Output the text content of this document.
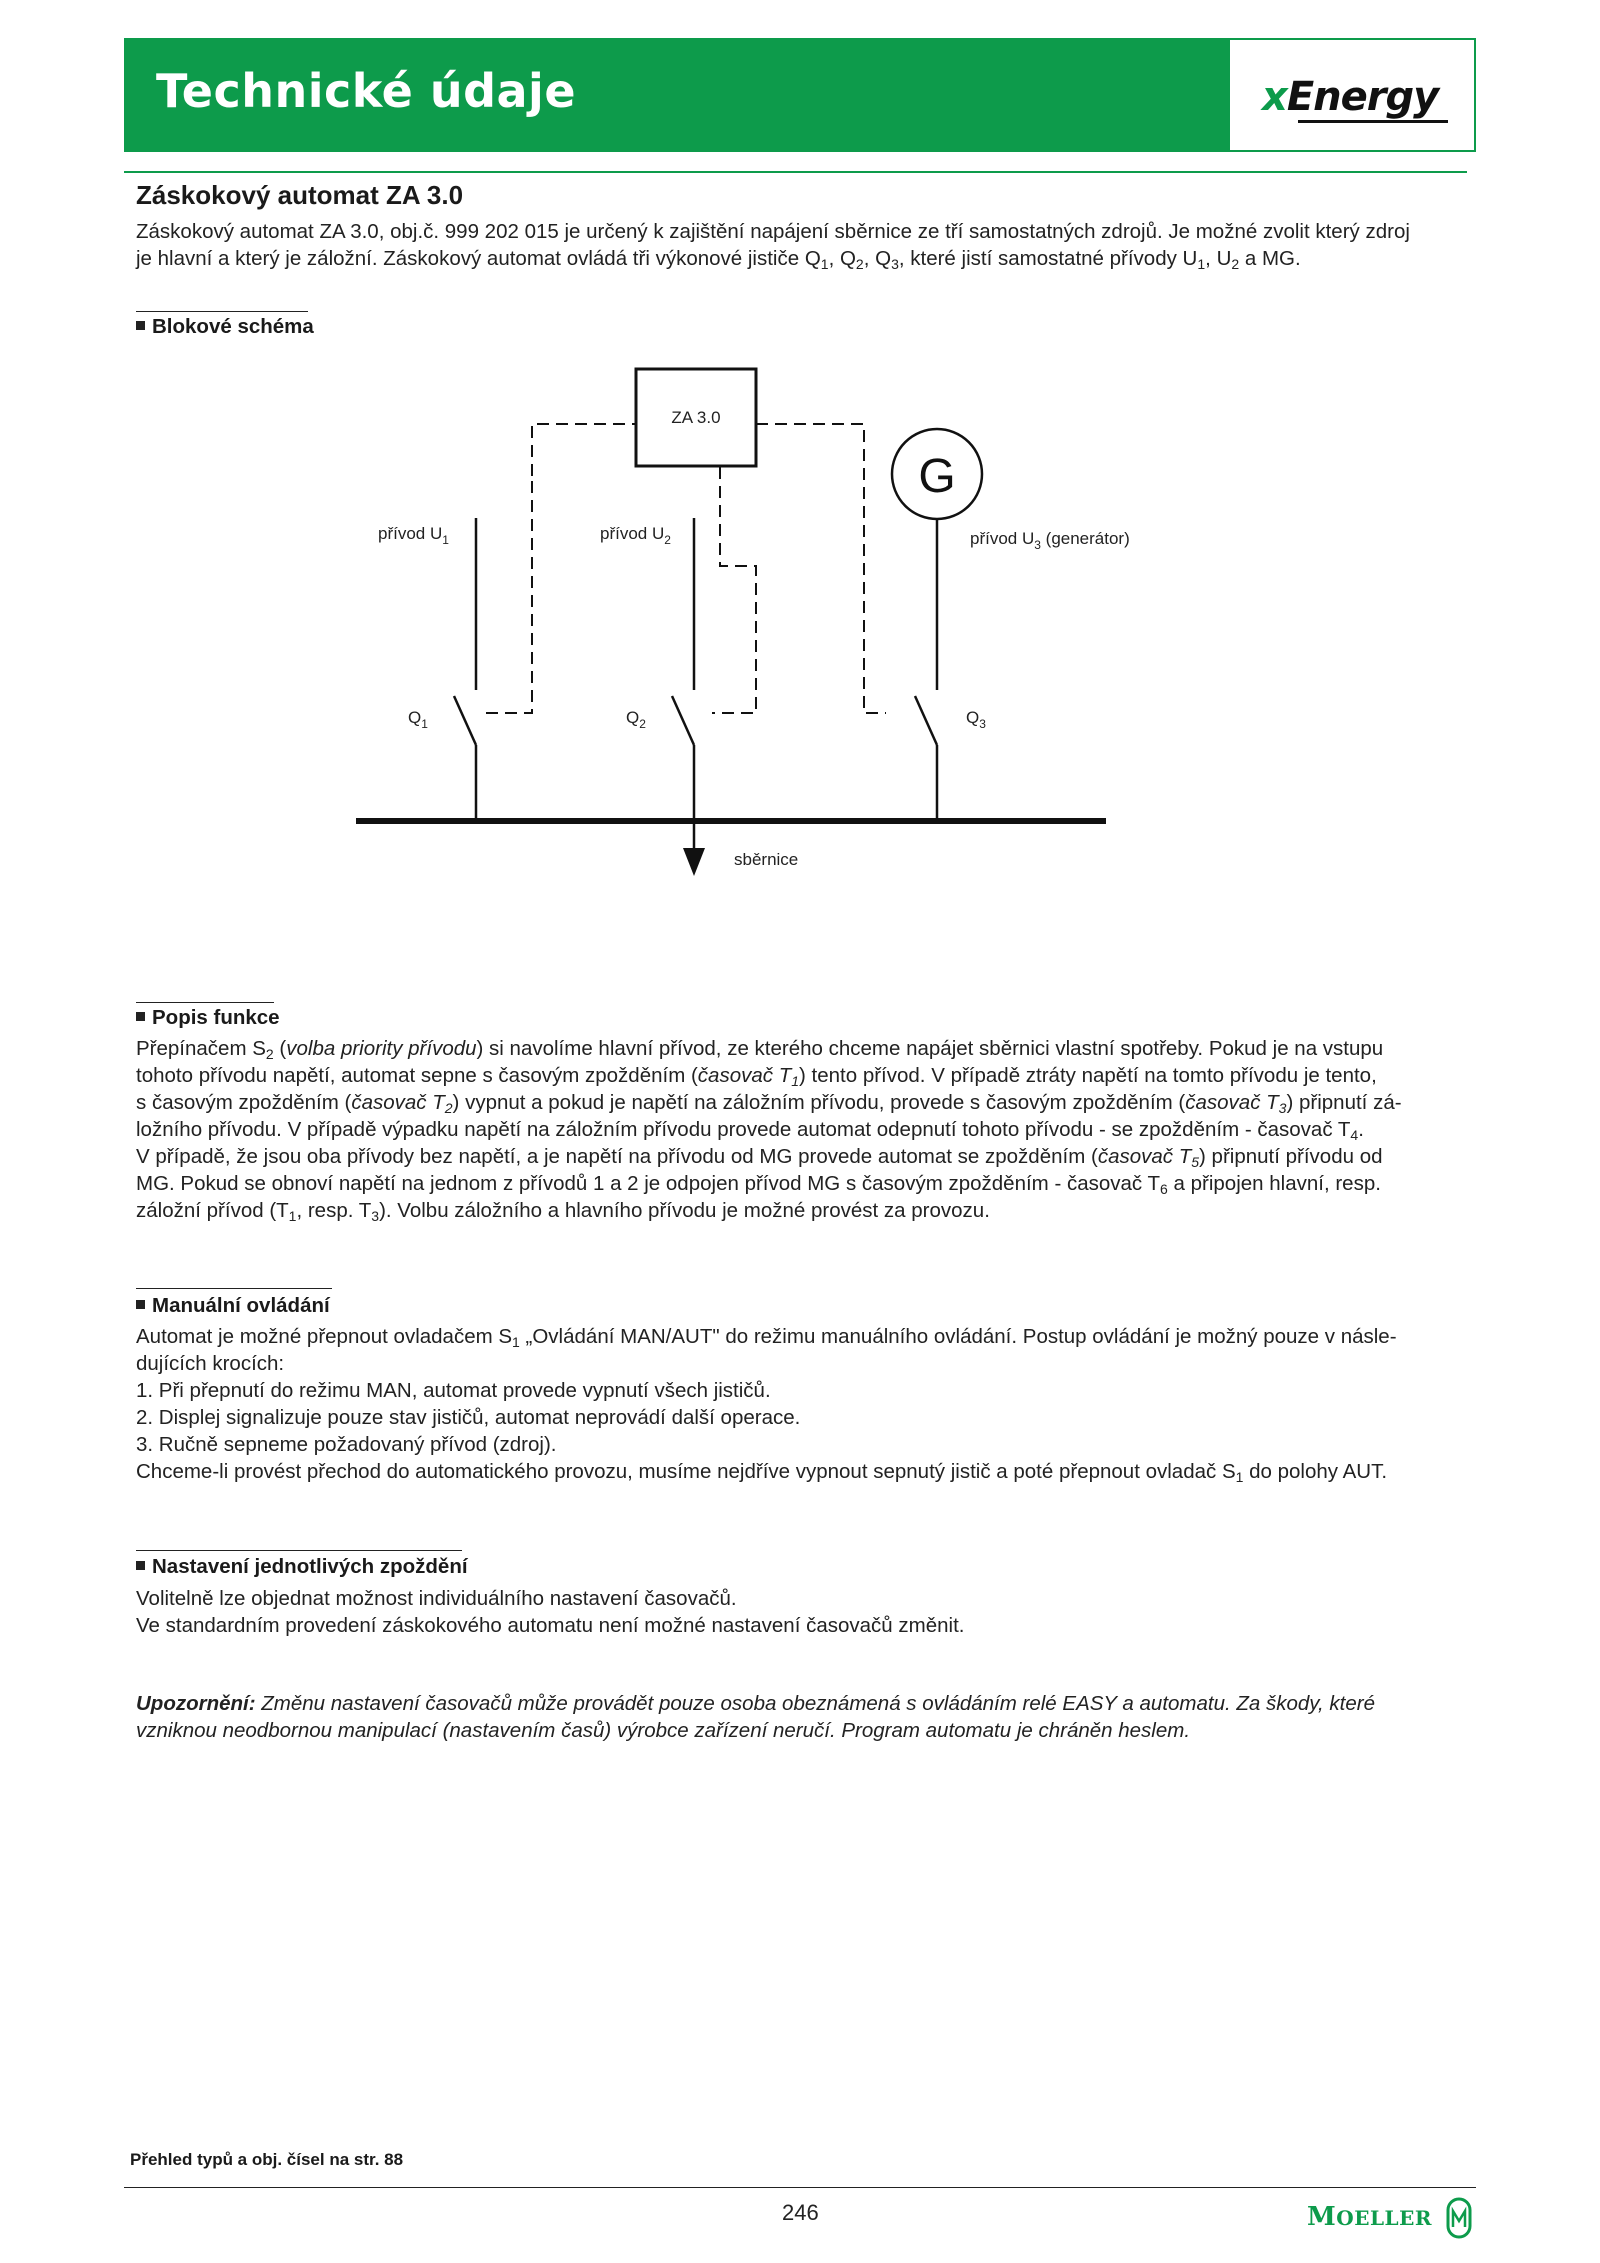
Technické údaje	xEnergy
Záskokový automat ZA 3.0
Záskokový automat ZA 3.0, obj.č. 999 202 015 je určený k zajištění napájení sběrnice ze tří samostatných zdrojů. Je možné zvolit který zdroj
je hlavní a který je záložní. Záskokový automat ovládá tři výkonové jističe $Q_1$, $Q_2$, $Q_3$, které jistí samostatné přívody $U_1$, $U_2$ a MG.
Blokové schéma
ZA 3.0
G
přívod $U_1$	přívod $U_2$	přívod $U_3$ (generátor)
$Q_1$	$Q_2$	$Q_3$
sběrnice
Popis funkce
Přepínačem $S_2$ (volba priority přívodu) si navolíme hlavní přívod, ze kterého chceme napájet sběrnici vlastní spotřeby. Pokud je na vstupu
tohoto přívodu napětí, automat sepne s časovým zpožděním (časovač $T_1$) tento přívod. V případě ztráty napětí na tomto přívodu je tento,
s časovým zpožděním (časovač $T_2$) vypnut a pokud je napětí na záložním přívodu, provede s časovým zpožděním (časovač $T_3$) připnutí zá-
ložního přívodu. V případě výpadku napětí na záložním přívodu provede automat odepnutí tohoto přívodu - se zpožděním - časovač $T_4$.
V případě, že jsou oba přívody bez napětí, a je napětí na přívodu od MG provede automat se zpožděním (časovač $T_5$) připnutí přívodu od
MG. Pokud se obnoví napětí na jednom z přívodů 1 a 2 je odpojen přívod MG s časovým zpožděním - časovač $T_6$ a připojen hlavní, resp.
záložní přívod ($T_1$, resp. $T_3$). Volbu záložního a hlavního přívodu je možné provést za provozu.
Manuální ovládání
Automat je možné přepnout ovladačem $S_1$ „Ovládání MAN/AUT" do režimu manuálního ovládání. Postup ovládání je možný pouze v násle-
dujících krocích:
1. Při přepnutí do režimu MAN, automat provede vypnutí všech jističů.
2. Displej signalizuje pouze stav jističů, automat neprovádí další operace.
3. Ručně sepneme požadovaný přívod (zdroj).
Chceme-li provést přechod do automatického provozu, musíme nejdříve vypnout sepnutý jistič a poté přepnout ovladač $S_1$ do polohy AUT.
Nastavení jednotlivých zpoždění
Volitelně lze objednat možnost individuálního nastavení časovačů.
Ve standardním provedení záskokového automatu není možné nastavení časovačů změnit.
Upozornění: Změnu nastavení časovačů může provádět pouze osoba obeznámená s ovládáním relé EASY a automatu. Za škody, které
vzniknou neodbornou manipulací (nastavením časů) výrobce zařízení neručí. Program automatu je chráněn heslem.
Přehled typů a obj. čísel na str. 88
246	MOELLER
